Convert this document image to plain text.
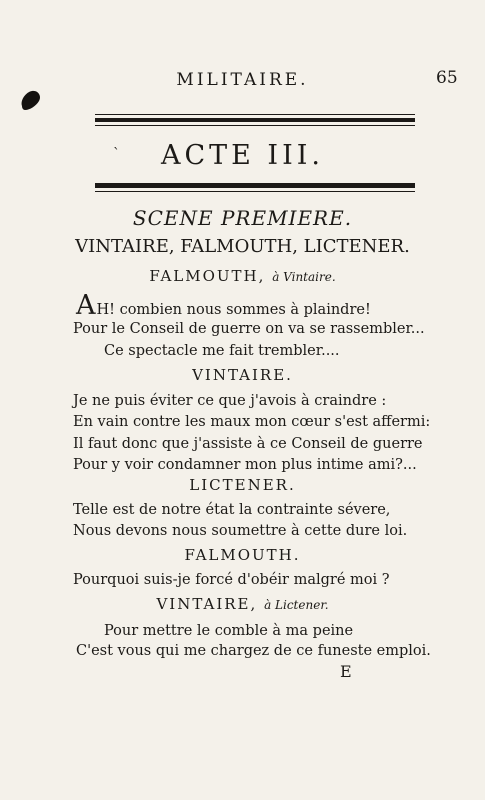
MILITAIRE.	65
`	ACTE III.
SCENE PREMIERE.
VINTAIRE, FALMOUTH, LICTENER.
FALMOUTH, à Vintaire.
AH! combien nous sommes à plaindre!
Pour le Conseil de guerre on va se rassembler...
Ce spectacle me fait trembler....
VINTAIRE.
Je ne puis éviter ce que j'avois à craindre :
En vain contre les maux mon cœur s'est affermi:
Il faut donc que j'assiste à ce Conseil de guerre
Pour y voir condamner mon plus intime ami?...
LICTENER.
Telle est de notre état la contrainte sévere,
Nous devons nous soumettre à cette dure loi.
FALMOUTH.
Pourquoi suis-je forcé d'obéir malgré moi ?
VINTAIRE, à Lictener.
Pour mettre le comble à ma peine
C'est vous qui me chargez de ce funeste emploi.
E
